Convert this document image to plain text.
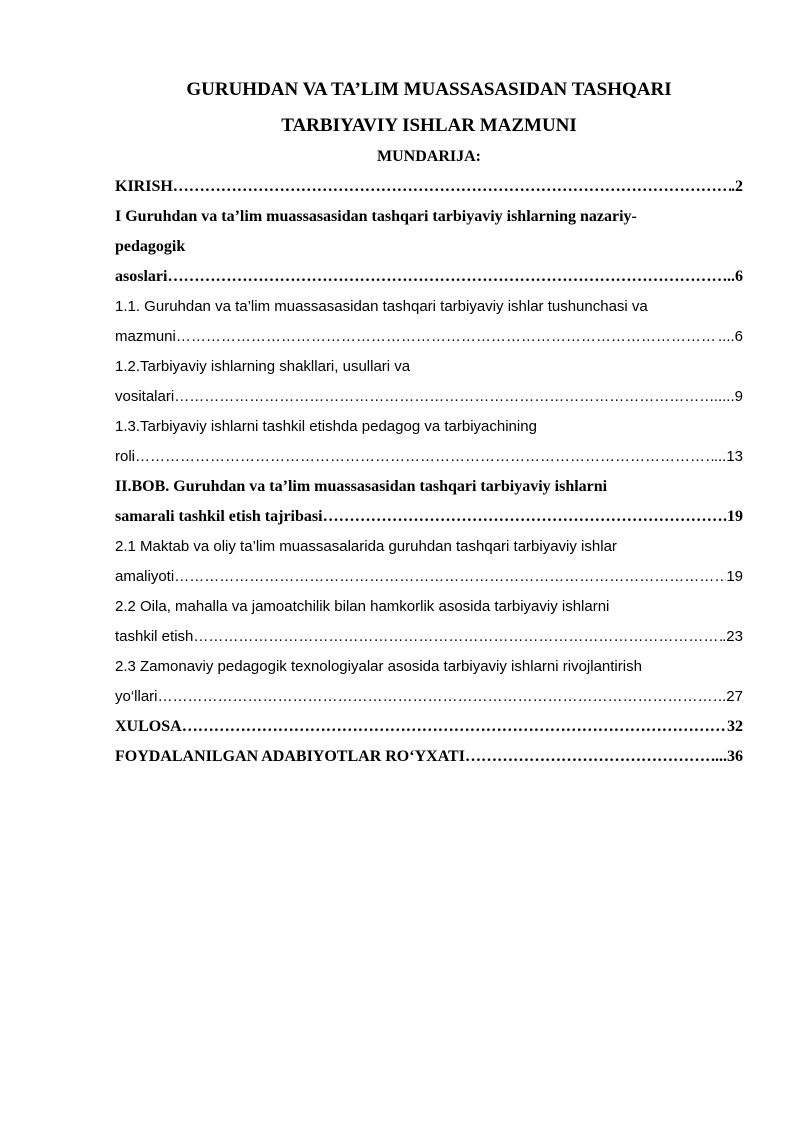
GURUHDAN VA TA’LIM MUASSASASIDAN TASHQARI

TARBIYAVIY ISHLAR MAZMUNI

MUNDARIJA:

KIRISH ……………………………………………………………………………………………………………………………………………………………………………………	.2

I Guruhdan va ta’lim muassasasidan tashqari tarbiyaviy ishlarning nazariy-

pedagogik

asoslari ……………………………………………………………………………………………………………………………………………………………………………………	..6

1.1. Guruhdan va ta’lim muassasasidan tashqari tarbiyaviy ishlar tushunchasi va

mazmuni ……………………………………………………………………………………………………………………………………………………………………………………	....6

1.2.Tarbiyaviy ishlarning shakllari, usullari va

vositalari ……………………………………………………………………………………………………………………………………………………………………………………	......9

1.3.Tarbiyaviy ishlarni tashkil etishda pedagog va tarbiyachining

roli ……………………………………………………………………………………………………………………………………………………………………………………	...13

II.BOB. Guruhdan va ta’lim muassasasidan tashqari tarbiyaviy ishlarni

samarali tashkil etish tajribasi ……………………………………………………………………………………………………………………………………………………………………………………	.19

2.1 Maktab va oliy ta’lim muassasalarida guruhdan tashqari tarbiyaviy ishlar

amaliyoti ……………………………………………………………………………………………………………………………………………………………………………………	19

2.2 Oila, mahalla va jamoatchilik bilan hamkorlik asosida tarbiyaviy ishlarni

tashkil etish ……………………………………………………………………………………………………………………………………………………………………………………	.23

2.3 Zamonaviy pedagogik texnologiyalar asosida tarbiyaviy ishlarni rivojlantirish

yo‘llari ……………………………………………………………………………………………………………………………………………………………………………………	.27
XULOSA ……………………………………………………………………………………………………………………………………………………………………………………	32
FOYDALANILGAN ADABIYOTLAR RO‘YXATI ……………………………………………………………………………………………………………………………………………………………………………………	...36
